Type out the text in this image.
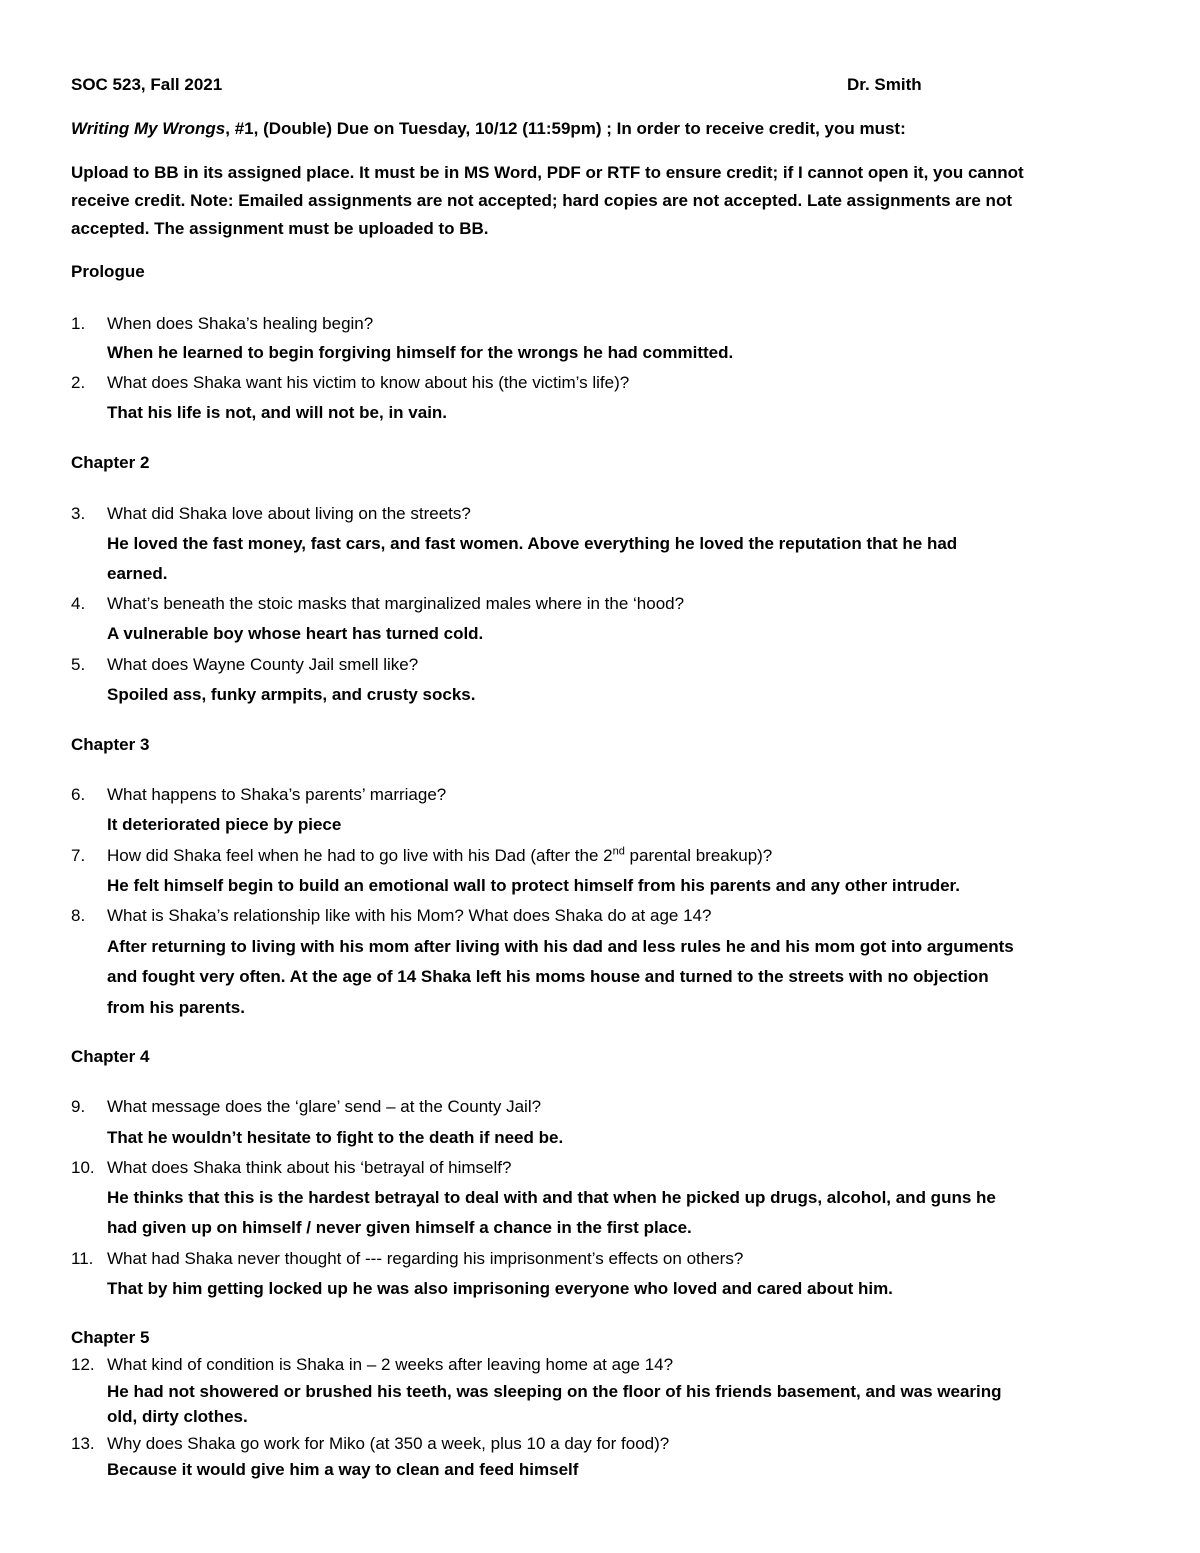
SOC 523, Fall 2021	Dr. Smith
Writing My Wrongs, #1, (Double) Due on Tuesday, 10/12 (11:59pm) ; In order to receive credit, you must:
Upload to BB in its assigned place. It must be in MS Word, PDF or RTF to ensure credit; if I cannot open it, you cannot
receive credit. Note: Emailed assignments are not accepted; hard copies are not accepted. Late assignments are not
accepted. The assignment must be uploaded to BB.
Prologue
1. When does Shaka’s healing begin?
When he learned to begin forgiving himself for the wrongs he had committed.
2. What does Shaka want his victim to know about his (the victim’s life)?
That his life is not, and will not be, in vain.
Chapter 2
3. What did Shaka love about living on the streets?
He loved the fast money, fast cars, and fast women. Above everything he loved the reputation that he had
earned.
4. What’s beneath the stoic masks that marginalized males where in the ‘hood?
A vulnerable boy whose heart has turned cold.
5. What does Wayne County Jail smell like?
Spoiled ass, funky armpits, and crusty socks.
Chapter 3
6. What happens to Shaka’s parents’ marriage?
It deteriorated piece by piece
7. How did Shaka feel when he had to go live with his Dad (after the 2nd parental breakup)?
He felt himself begin to build an emotional wall to protect himself from his parents and any other intruder.
8. What is Shaka’s relationship like with his Mom? What does Shaka do at age 14?
After returning to living with his mom after living with his dad and less rules he and his mom got into arguments
and fought very often. At the age of 14 Shaka left his moms house and turned to the streets with no objection
from his parents.
Chapter 4
9. What message does the ‘glare’ send – at the County Jail?
That he wouldn’t hesitate to fight to the death if need be.
10. What does Shaka think about his ‘betrayal of himself?
He thinks that this is the hardest betrayal to deal with and that when he picked up drugs, alcohol, and guns he
had given up on himself / never given himself a chance in the first place.
11. What had Shaka never thought of --- regarding his imprisonment’s effects on others?
That by him getting locked up he was also imprisoning everyone who loved and cared about him.
Chapter 5
12. What kind of condition is Shaka in – 2 weeks after leaving home at age 14?
He had not showered or brushed his teeth, was sleeping on the floor of his friends basement, and was wearing
old, dirty clothes.
13. Why does Shaka go work for Miko (at 350 a week, plus 10 a day for food)?
Because it would give him a way to clean and feed himself
